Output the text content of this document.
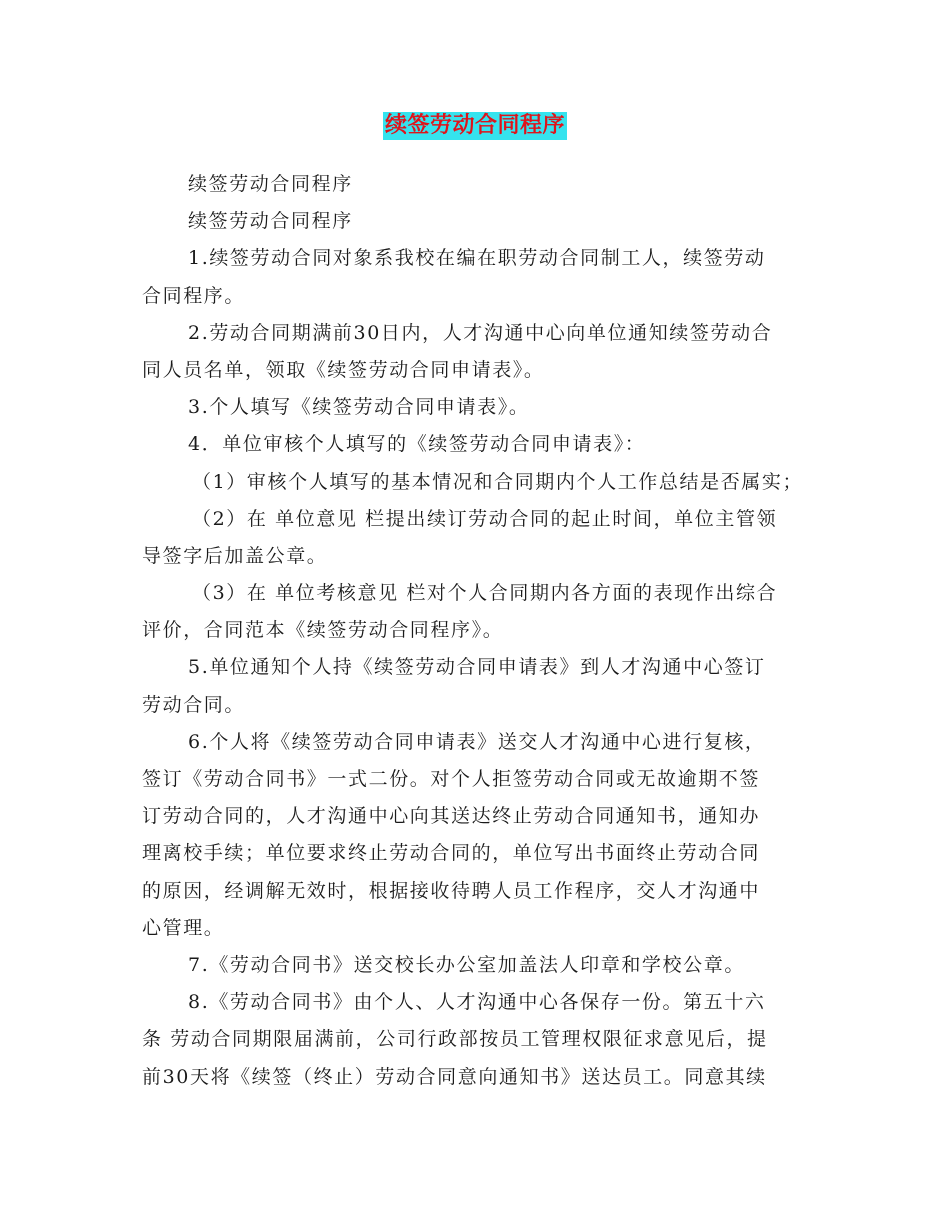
续签劳动合同程序
续签劳动合同程序
续签劳动合同程序
1.续签劳动合同对象系我校在编在职劳动合同制工人，续签劳动
合同程序。
2.劳动合同期满前30日内，人才沟通中心向单位通知续签劳动合
同人员名单，领取《续签劳动合同申请表》。
3.个人填写《续签劳动合同申请表》。
4．单位审核个人填写的《续签劳动合同申请表》：
（1）审核个人填写的基本情况和合同期内个人工作总结是否属实；
（2）在 单位意见 栏提出续订劳动合同的起止时间，单位主管领
导签字后加盖公章。
（3）在 单位考核意见 栏对个人合同期内各方面的表现作出综合
评价，合同范本《续签劳动合同程序》。
5.单位通知个人持《续签劳动合同申请表》到人才沟通中心签订
劳动合同。
6.个人将《续签劳动合同申请表》送交人才沟通中心进行复核，
签订《劳动合同书》一式二份。对个人拒签劳动合同或无故逾期不签
订劳动合同的，人才沟通中心向其送达终止劳动合同通知书，通知办
理离校手续；单位要求终止劳动合同的，单位写出书面终止劳动合同
的原因，经调解无效时，根据接收待聘人员工作程序，交人才沟通中
心管理。
7.《劳动合同书》送交校长办公室加盖法人印章和学校公章。
8.《劳动合同书》由个人、人才沟通中心各保存一份。第五十六
条 劳动合同期限届满前，公司行政部按员工管理权限征求意见后，提
前30天将《续签（终止）劳动合同意向通知书》送达员工。同意其续
